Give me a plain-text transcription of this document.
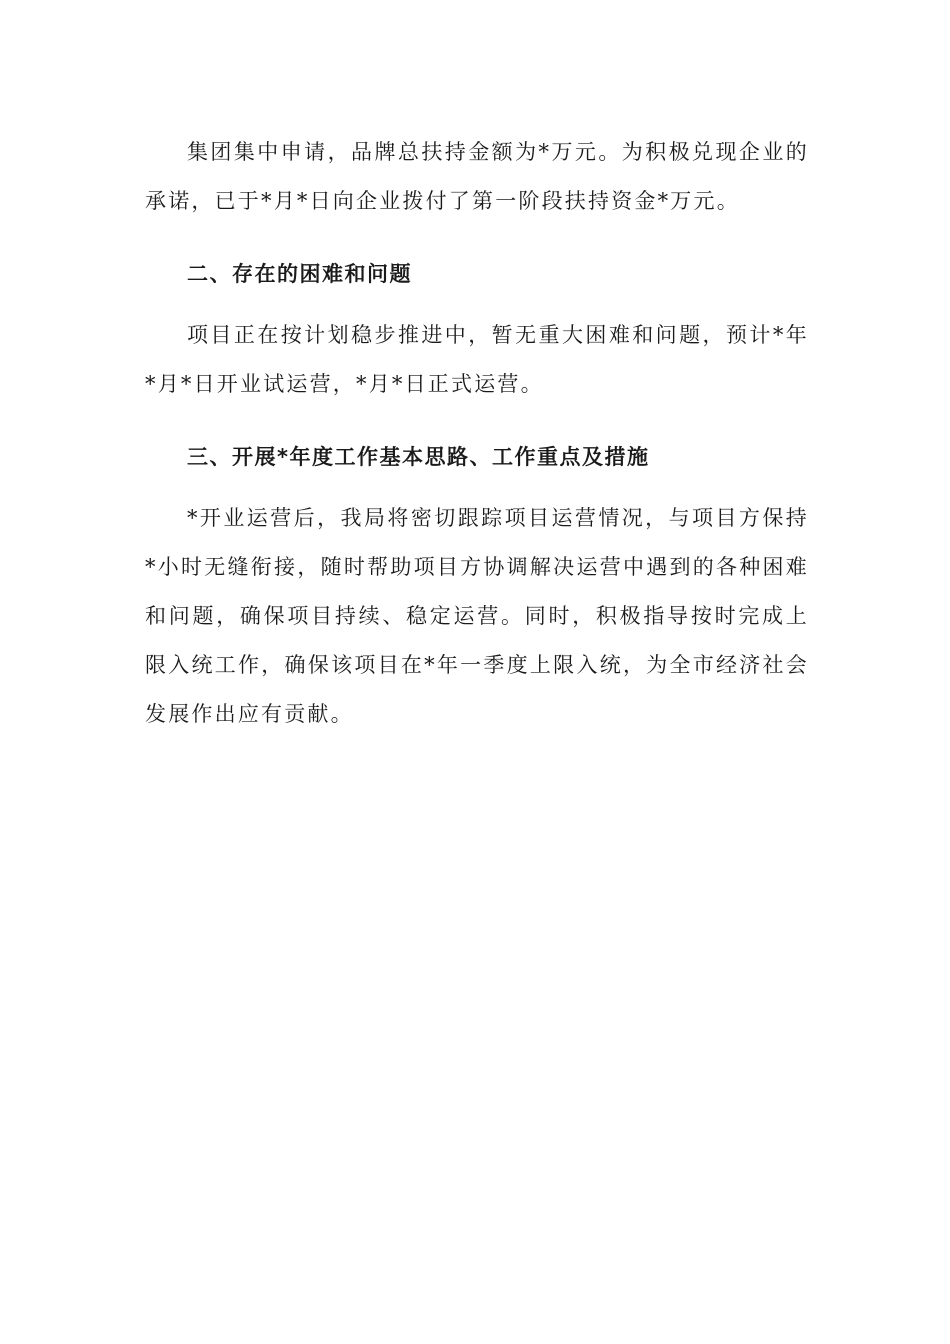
集团集中申请，品牌总扶持金额为*万元。为积极兑现企业的承诺，已于*月*日向企业拨付了第一阶段扶持资金*万元。

二、存在的困难和问题

项目正在按计划稳步推进中，暂无重大困难和问题，预计*年*月*日开业试运营，*月*日正式运营。

三、开展*年度工作基本思路、工作重点及措施

*开业运营后，我局将密切跟踪项目运营情况，与项目方保持*小时无缝衔接，随时帮助项目方协调解决运营中遇到的各种困难和问题，确保项目持续、稳定运营。同时，积极指导按时完成上限入统工作，确保该项目在*年一季度上限入统，为全市经济社会发展作出应有贡献。
